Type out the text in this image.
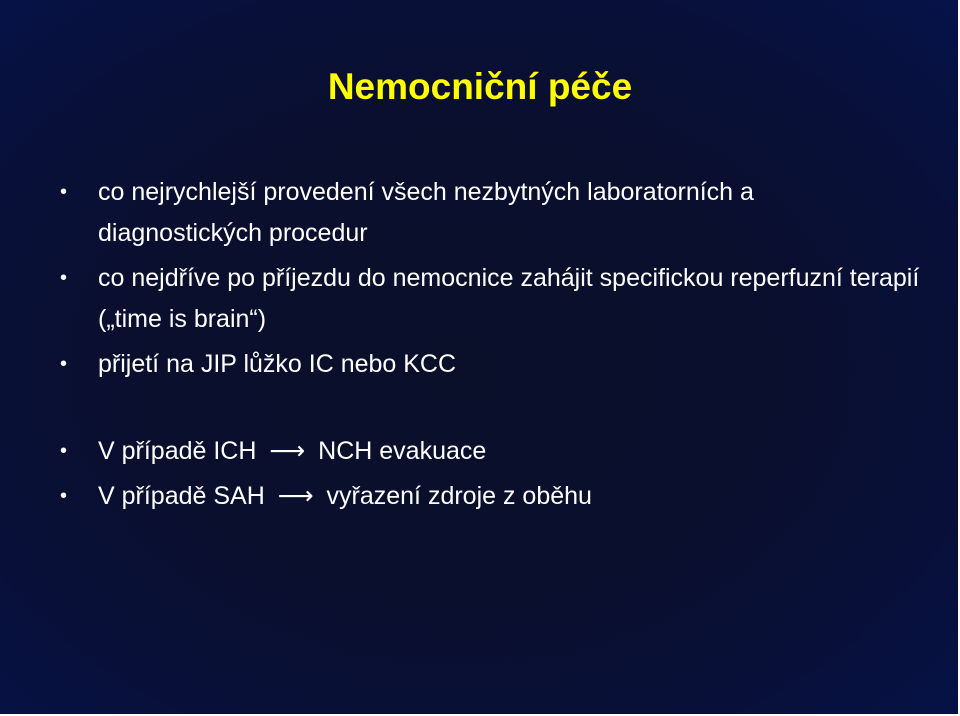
Nemocniční péče
• co nejrychlejší provedení všech nezbytných laboratorních a diagnostických procedur
• co nejdříve po příjezdu do nemocnice zahájit specifickou reperfuzní terapií („time is brain“)
• přijetí na JIP lůžko IC nebo KCC
• V případě ICH ⟶ NCH evakuace
• V případě SAH ⟶ vyřazení zdroje z oběhu
